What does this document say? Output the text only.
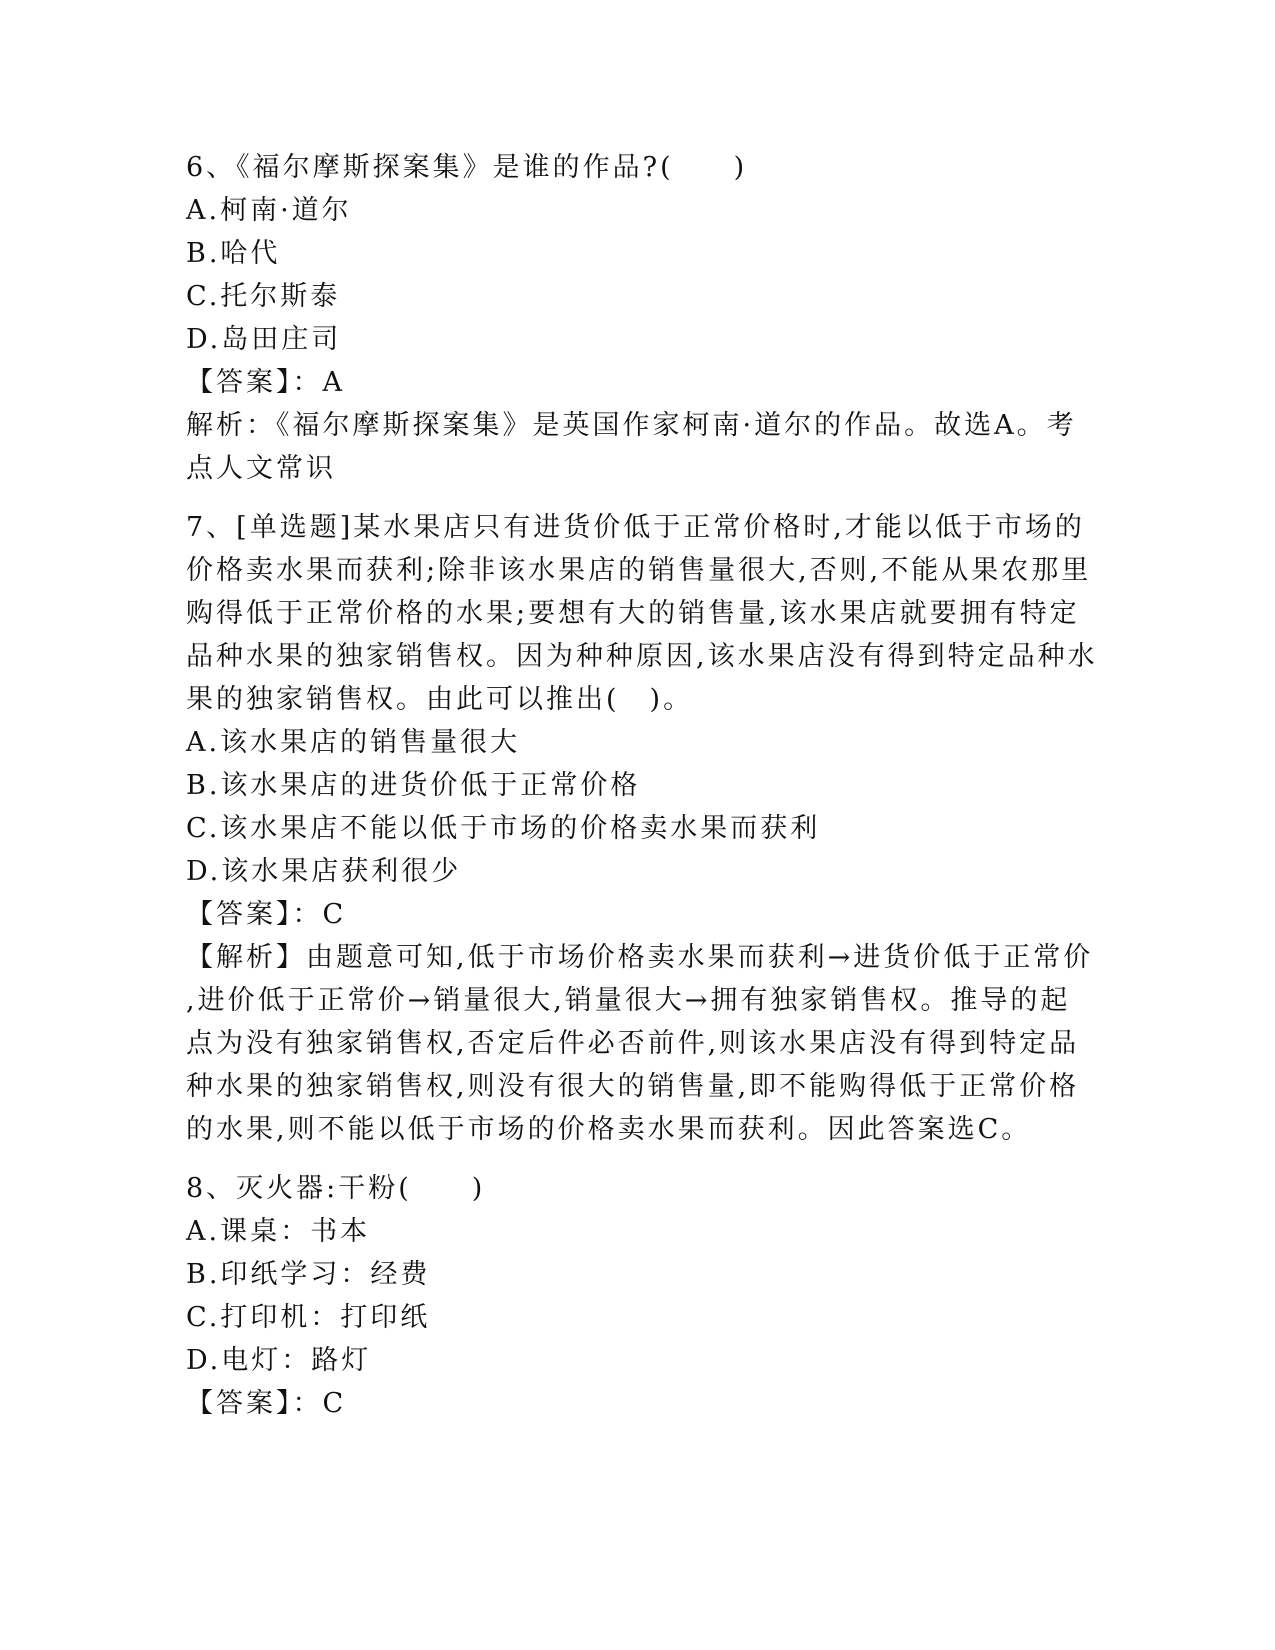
6、《福尔摩斯探案集》是谁的作品?(　　)
A.柯南·道尔
B.哈代
C.托尔斯泰
D.岛田庄司
【答案】：A
解析：《福尔摩斯探案集》是英国作家柯南·道尔的作品。故选A。考
点人文常识
7、[单选题]某水果店只有进货价低于正常价格时,才能以低于市场的
价格卖水果而获利;除非该水果店的销售量很大,否则,不能从果农那里
购得低于正常价格的水果;要想有大的销售量,该水果店就要拥有特定
品种水果的独家销售权。因为种种原因,该水果店没有得到特定品种水
果的独家销售权。由此可以推出(　)。
A.该水果店的销售量很大
B.该水果店的进货价低于正常价格
C.该水果店不能以低于市场的价格卖水果而获利
D.该水果店获利很少
【答案】：C
【解析】由题意可知,低于市场价格卖水果而获利→进货价低于正常价
,进价低于正常价→销量很大,销量很大→拥有独家销售权。推导的起
点为没有独家销售权,否定后件必否前件,则该水果店没有得到特定品
种水果的独家销售权,则没有很大的销售量,即不能购得低于正常价格
的水果,则不能以低于市场的价格卖水果而获利。因此答案选C。
8、灭火器:干粉(　　)
A.课桌：书本
B.印纸学习：经费
C.打印机：打印纸
D.电灯：路灯
【答案】：C
